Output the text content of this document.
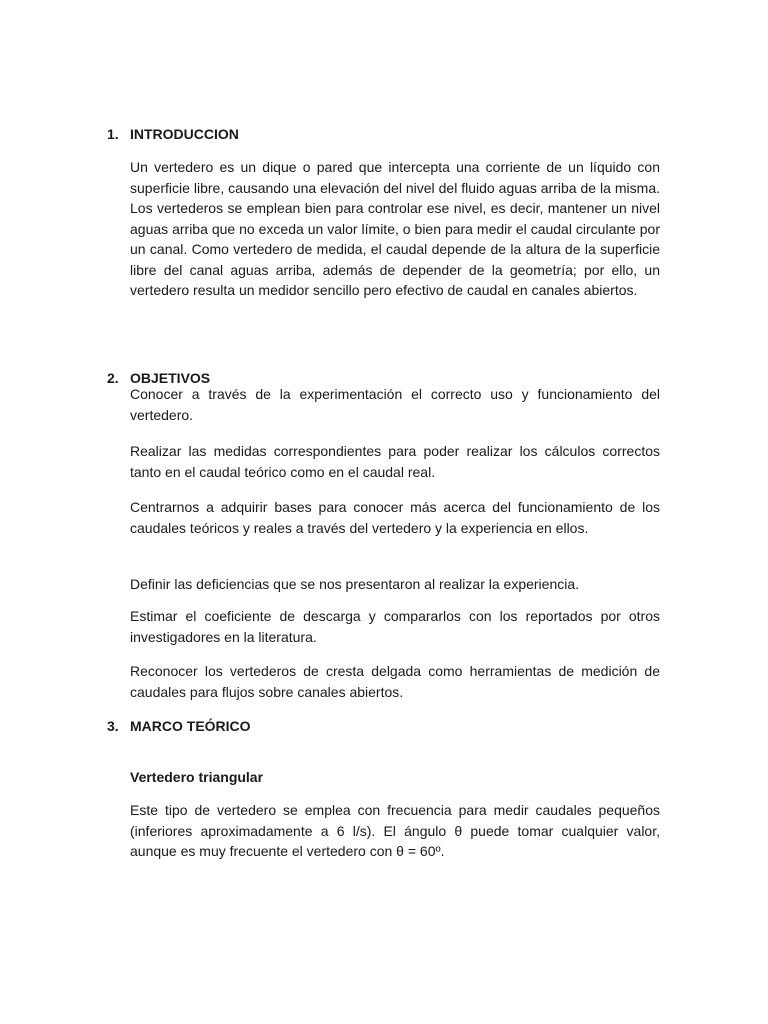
1. INTRODUCCION

Un vertedero es un dique o pared que intercepta una corriente de un líquido con superficie libre, causando una elevación del nivel del fluido aguas arriba de la misma. Los vertederos se emplean bien para controlar ese nivel, es decir, mantener un nivel aguas arriba que no exceda un valor límite, o bien para medir el caudal circulante por un canal. Como vertedero de medida, el caudal depende de la altura de la superficie libre del canal aguas arriba, además de depender de la geometría; por ello, un vertedero resulta un medidor sencillo pero efectivo de caudal en canales abiertos.

2. OBJETIVOS

Conocer a través de la experimentación el correcto uso y funcionamiento del vertedero.

Realizar las medidas correspondientes para poder realizar los cálculos correctos tanto en el caudal teórico como en el caudal real.

Centrarnos a adquirir bases para conocer más acerca del funcionamiento de los caudales teóricos y reales a través del vertedero y la experiencia en ellos.

Definir las deficiencias que se nos presentaron al realizar la experiencia.

Estimar el coeficiente de descarga y compararlos con los reportados por otros investigadores en la literatura.

Reconocer los vertederos de cresta delgada como herramientas de medición de caudales para flujos sobre canales abiertos.

3. MARCO TEÓRICO

Vertedero triangular

Este tipo de vertedero se emplea con frecuencia para medir caudales pequeños (inferiores aproximadamente a 6 l/s). El ángulo θ puede tomar cualquier valor, aunque es muy frecuente el vertedero con θ = 60º.
